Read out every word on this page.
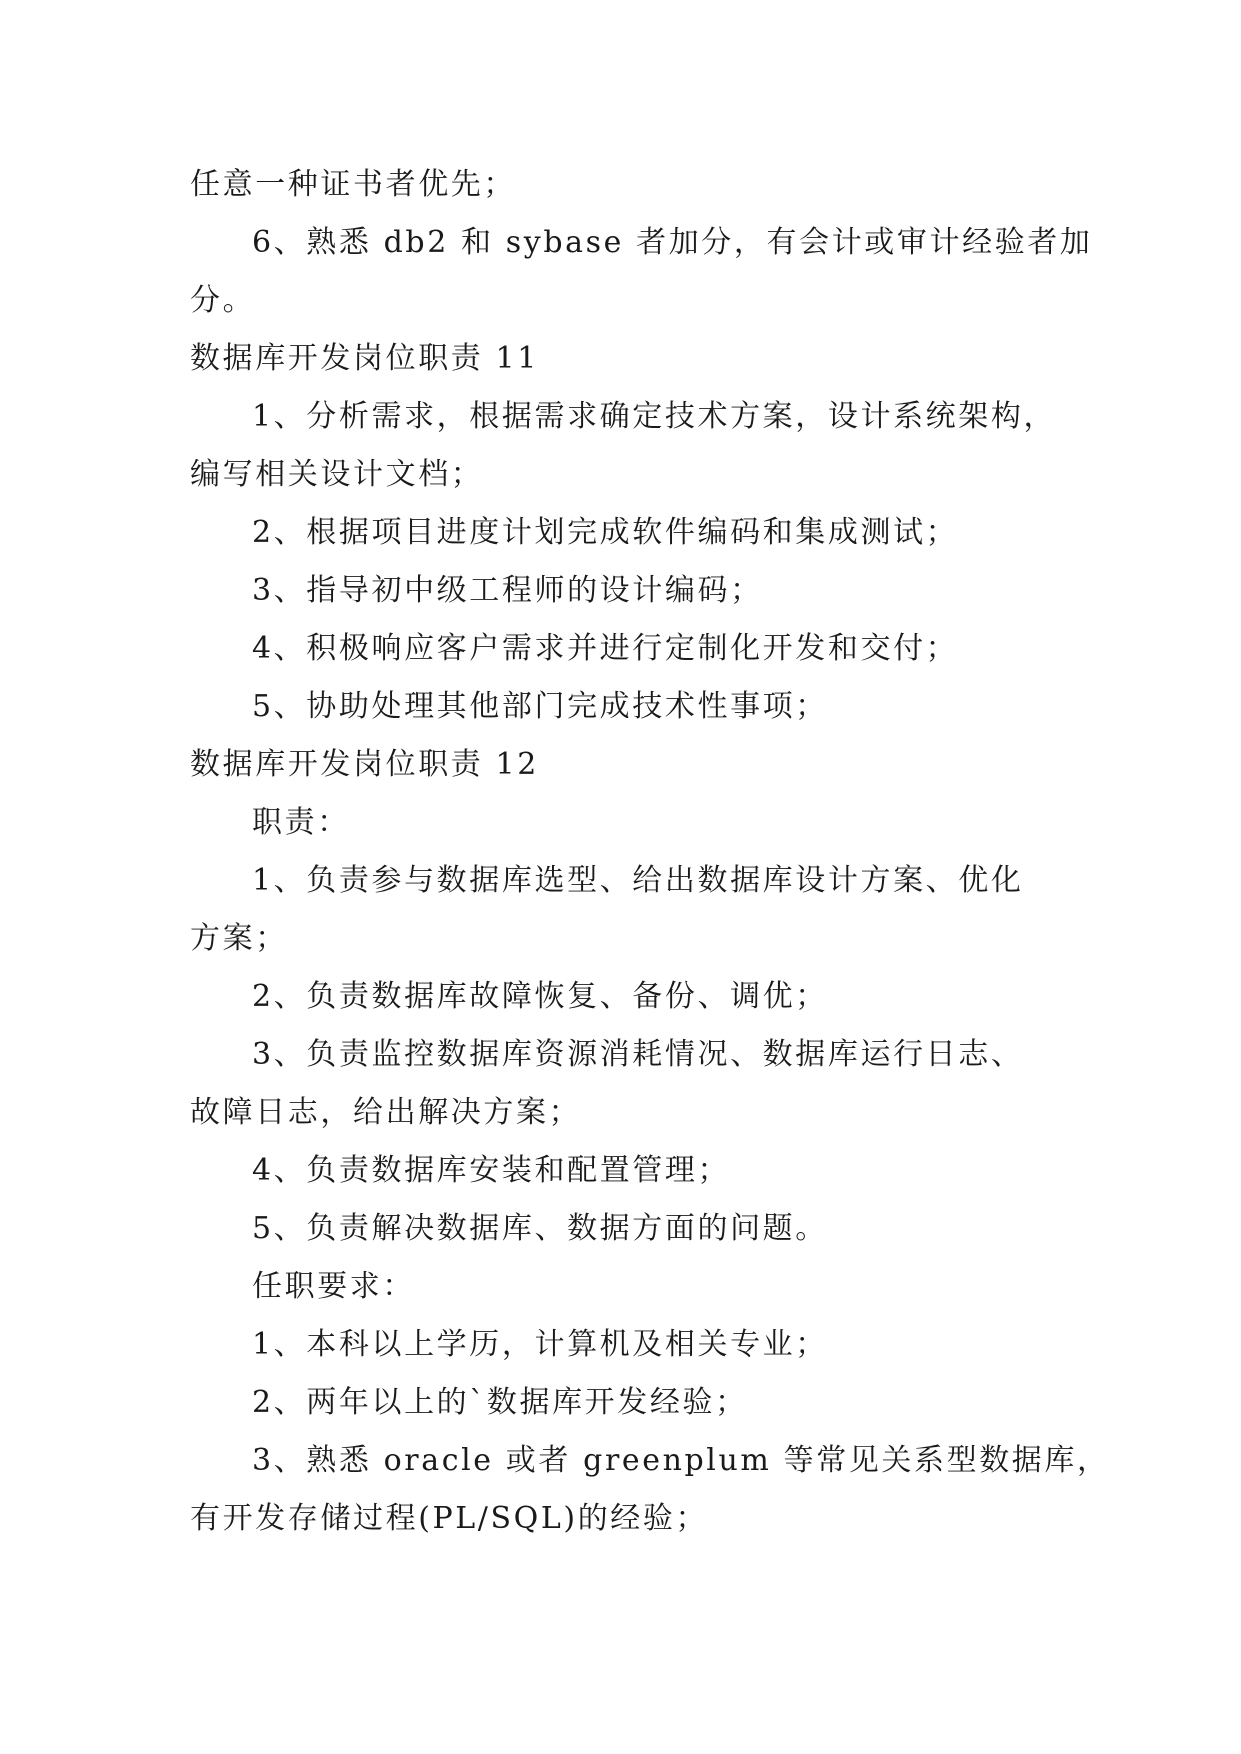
任意一种证书者优先；
6、熟悉 db2 和 sybase 者加分，有会计或审计经验者加
分。
数据库开发岗位职责 11
1、分析需求，根据需求确定技术方案，设计系统架构，
编写相关设计文档；
2、根据项目进度计划完成软件编码和集成测试；
3、指导初中级工程师的设计编码；
4、积极响应客户需求并进行定制化开发和交付；
5、协助处理其他部门完成技术性事项；
数据库开发岗位职责 12
职责：
1、负责参与数据库选型、给出数据库设计方案、优化
方案；
2、负责数据库故障恢复、备份、调优；
3、负责监控数据库资源消耗情况、数据库运行日志、
故障日志，给出解决方案；
4、负责数据库安装和配置管理；
5、负责解决数据库、数据方面的问题。
任职要求：
1、本科以上学历，计算机及相关专业；
2、两年以上的`数据库开发经验；
3、熟悉 oracle 或者 greenplum 等常见关系型数据库，
有开发存储过程(PL/SQL)的经验；
